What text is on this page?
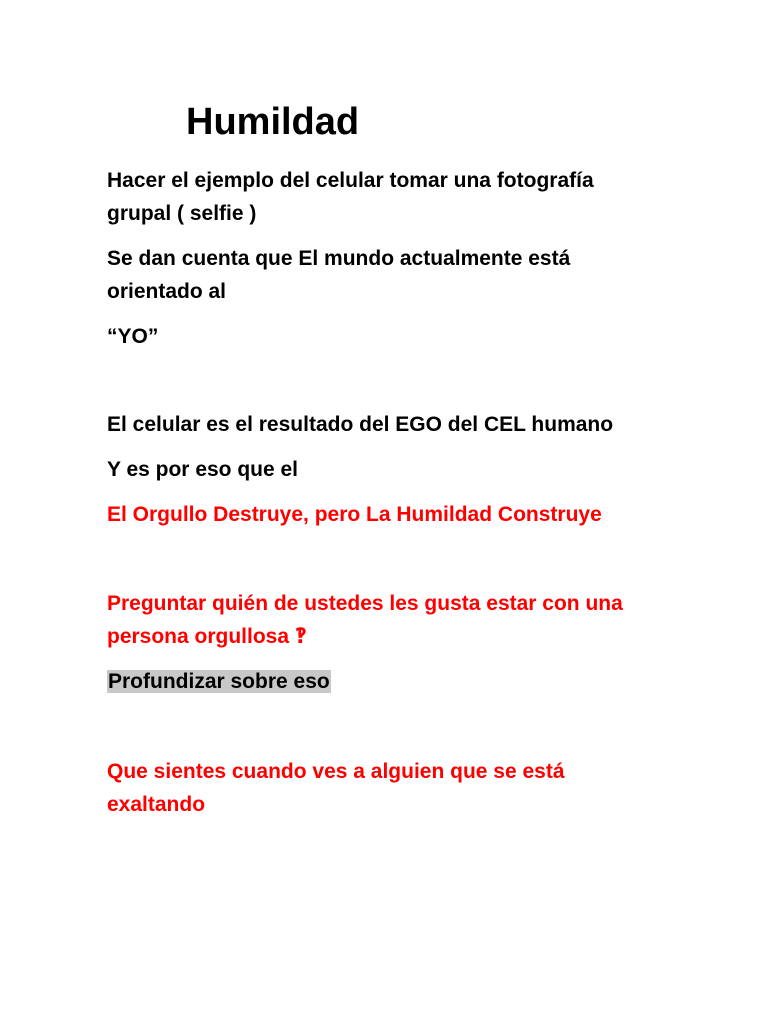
Humildad

Hacer el ejemplo del celular tomar una fotografía
grupal ( selfie )

Se dan cuenta que El mundo actualmente está
orientado al

“YO”

El celular es el resultado del EGO del CEL humano

Y es por eso que el

El Orgullo Destruye, pero La Humildad Construye

Preguntar quién de ustedes les gusta estar con una
persona orgullosa ‽

Profundizar sobre eso

Que sientes cuando ves a alguien que se está
exaltando
